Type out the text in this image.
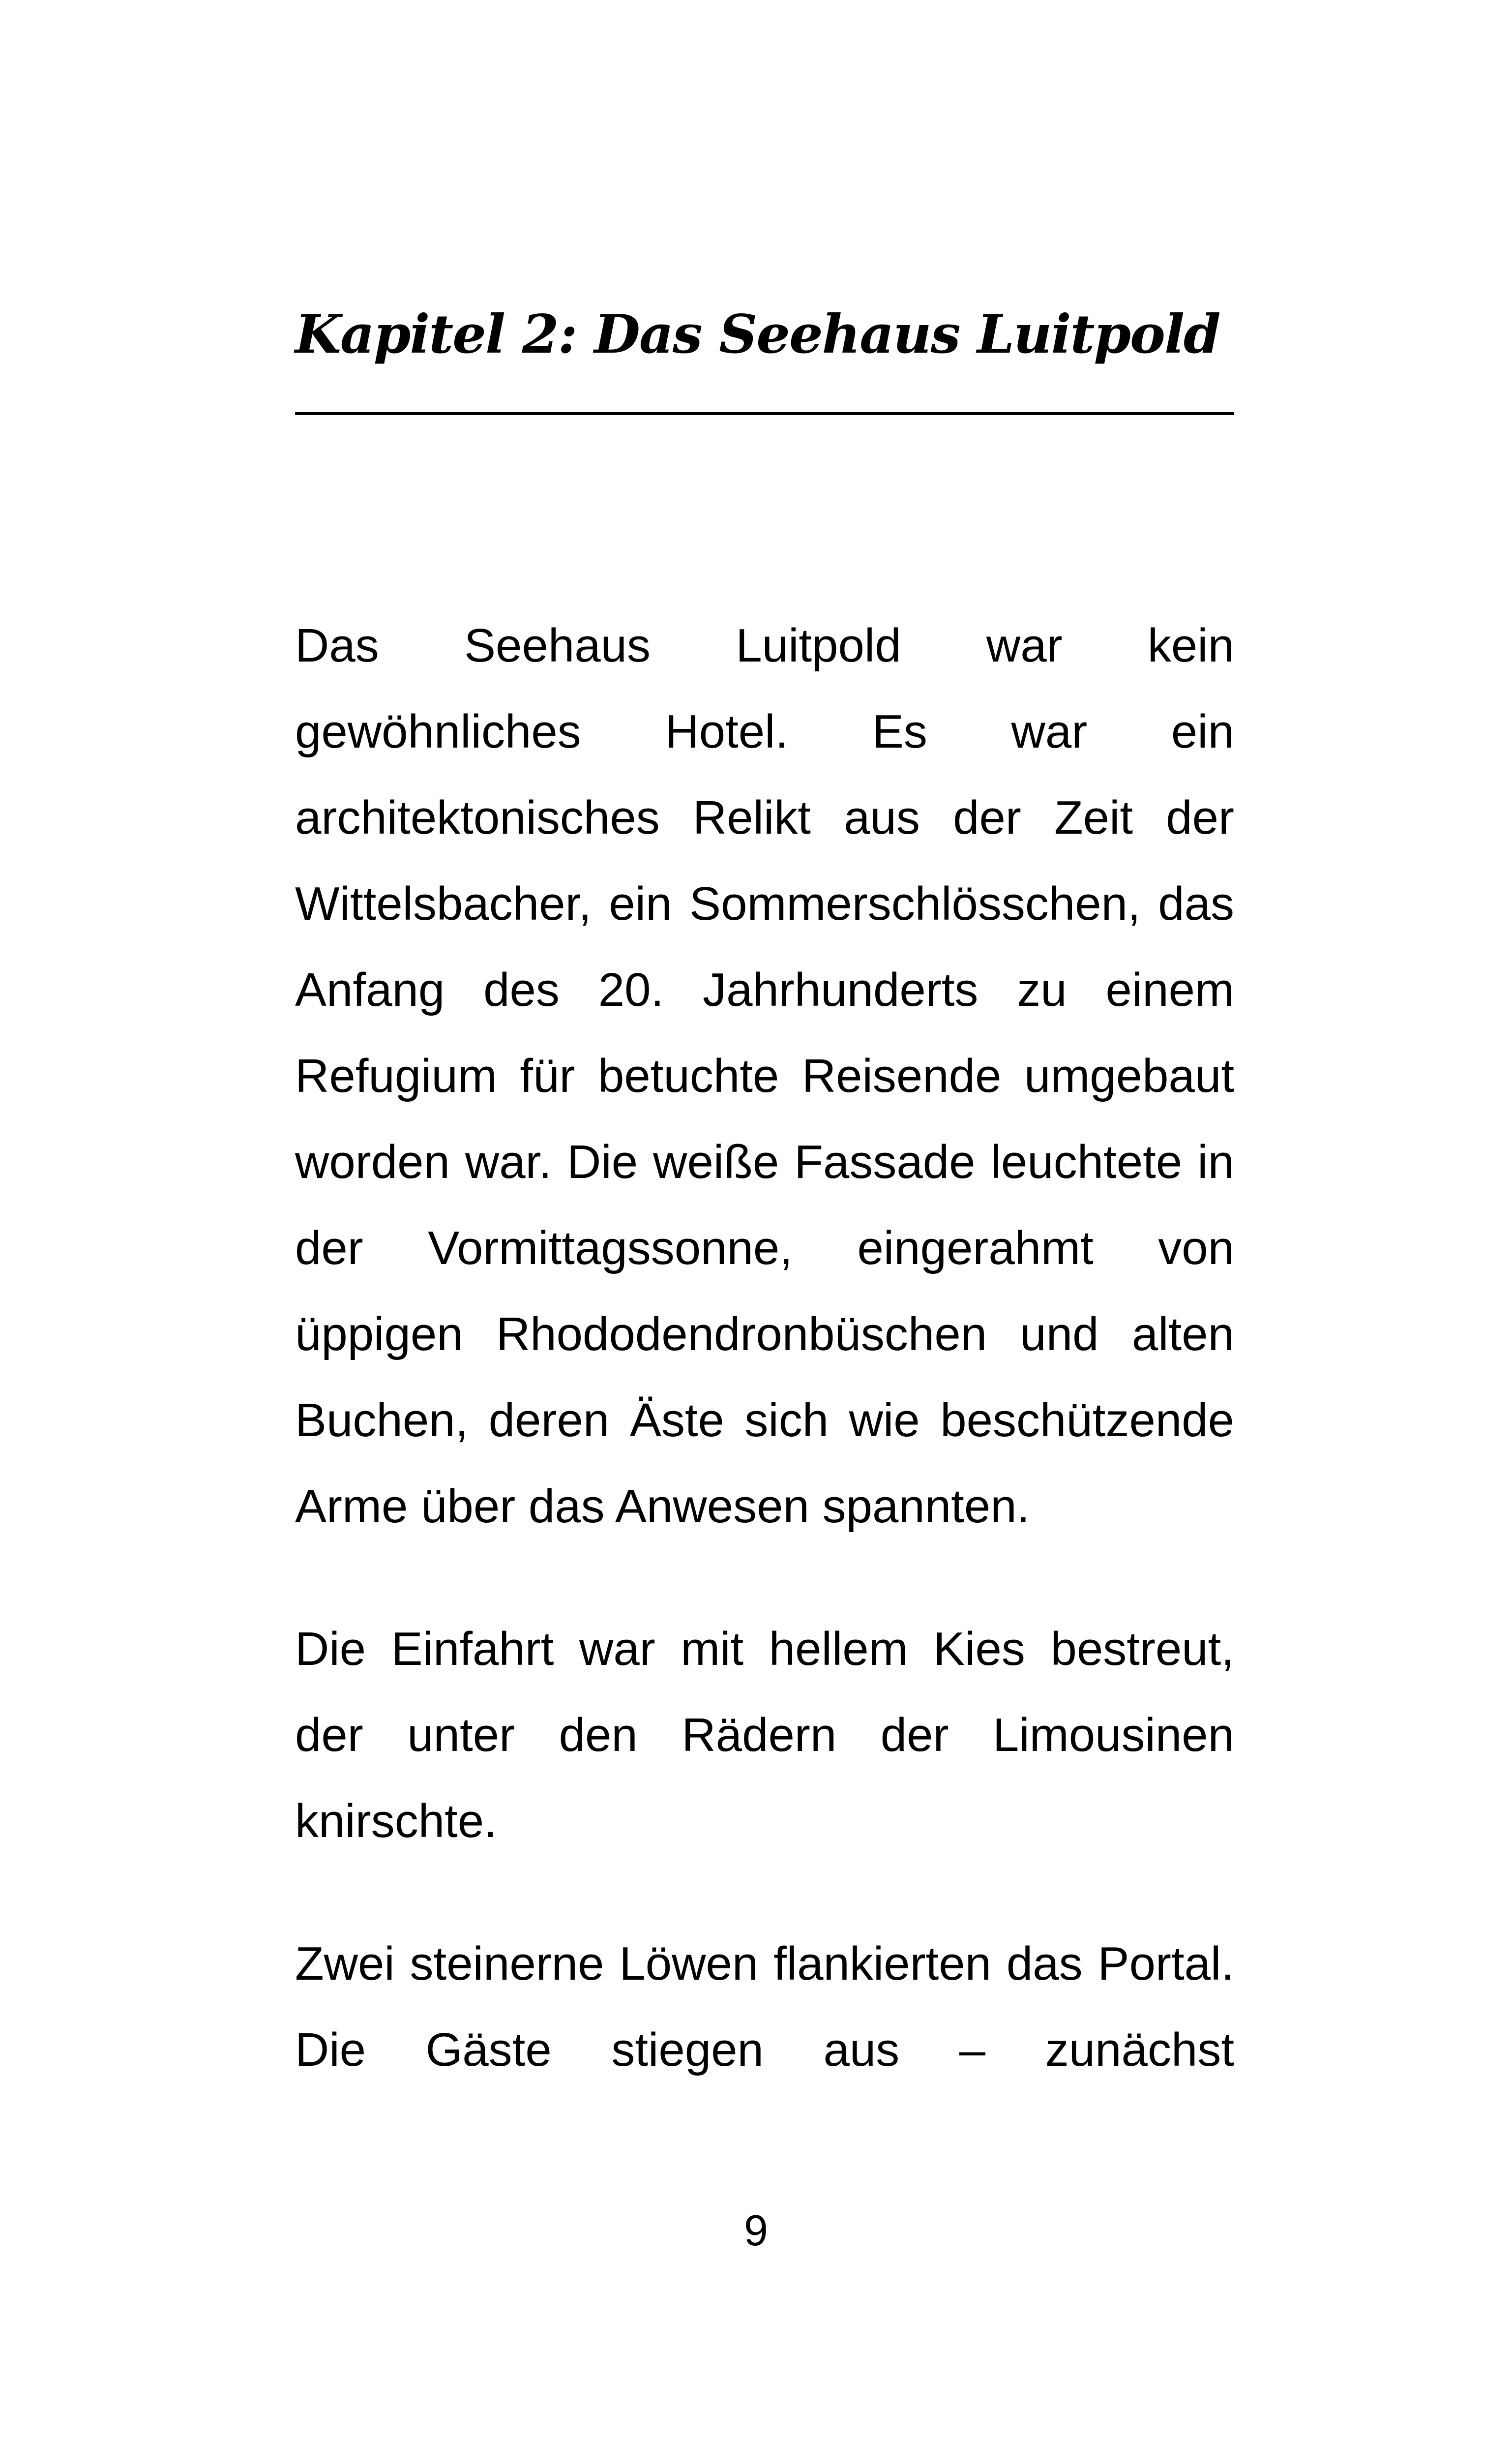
Kapitel 2: Das Seehaus Luitpold

Das Seehaus Luitpold war kein gewöhnliches Hotel. Es war ein architektonisches Relikt aus der Zeit der Wittelsbacher, ein Sommerschlösschen, das Anfang des 20. Jahrhunderts zu einem Refugium für betuchte Reisende umgebaut worden war. Die weiße Fassade leuchtete in der Vormittagssonne, eingerahmt von üppigen Rhododendronbüschen und alten Buchen, deren Äste sich wie beschützende Arme über das Anwesen spannten.

Die Einfahrt war mit hellem Kies bestreut, der unter den Rädern der Limousinen knirschte.

Zwei steinerne Löwen flankierten das Portal. Die Gäste stiegen aus – zunächst

9
